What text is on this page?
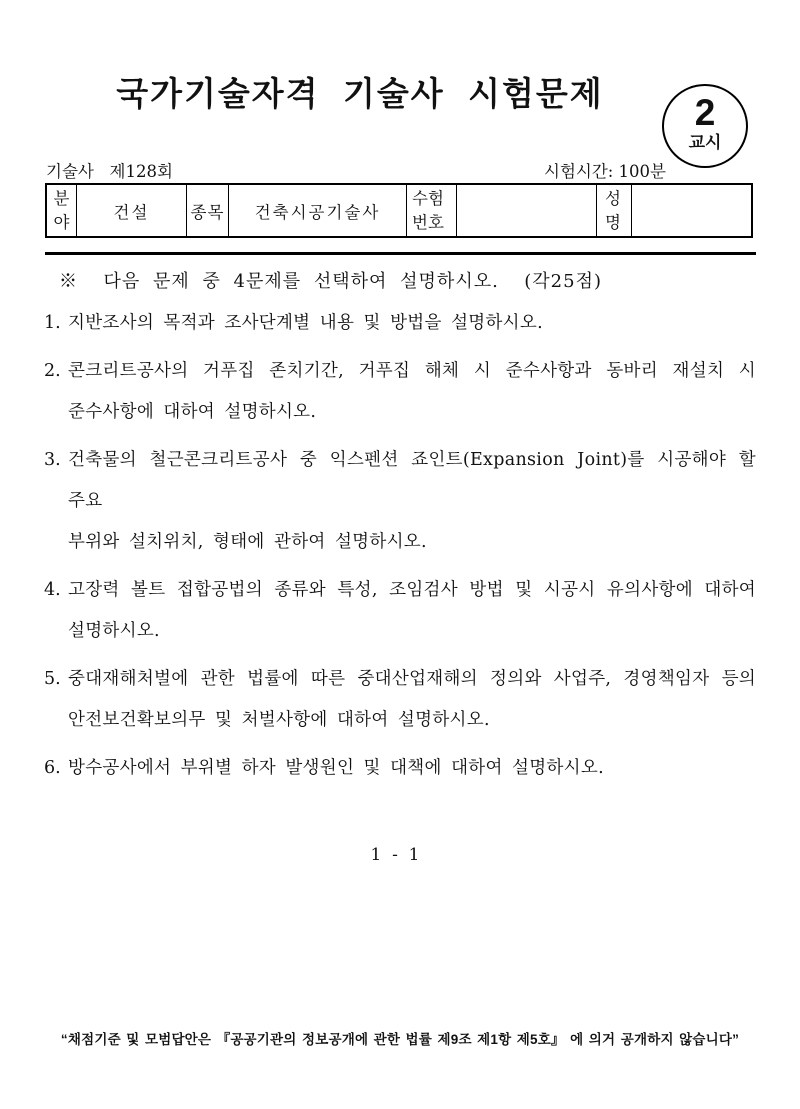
국가기술자격 기술사 시험문제	2
교시
기술사   제128회	시험시간: 100분
분야
건설 종목 건축시공기술사
수험번호
성명
※  다음 문제 중 4문제를 선택하여 설명하시오.  (각25점)
1. 지반조사의 목적과 조사단계별 내용 및 방법을 설명하시오.
2. 콘크리트공사의 거푸집 존치기간, 거푸집 해체 시 준수사항과 동바리 재설치 시
준수사항에 대하여 설명하시오.
3. 건축물의 철근콘크리트공사 중 익스펜션 죠인트(Expansion Joint)를 시공해야 할 주요
부위와 설치위치, 형태에 관하여 설명하시오.
4. 고장력 볼트 접합공법의 종류와 특성, 조임검사 방법 및 시공시 유의사항에 대하여
설명하시오.
5. 중대재해처벌에 관한 법률에 따른 중대산업재해의 정의와 사업주, 경영책임자 등의
안전보건확보의무 및 처벌사항에 대하여 설명하시오.
6. 방수공사에서 부위별 하자 발생원인 및 대책에 대하여 설명하시오.
1  -  1
“채점기준 및 모범답안은 『공공기관의 정보공개에 관한 법률 제9조 제1항 제5호』 에 의거 공개하지 않습니다”
